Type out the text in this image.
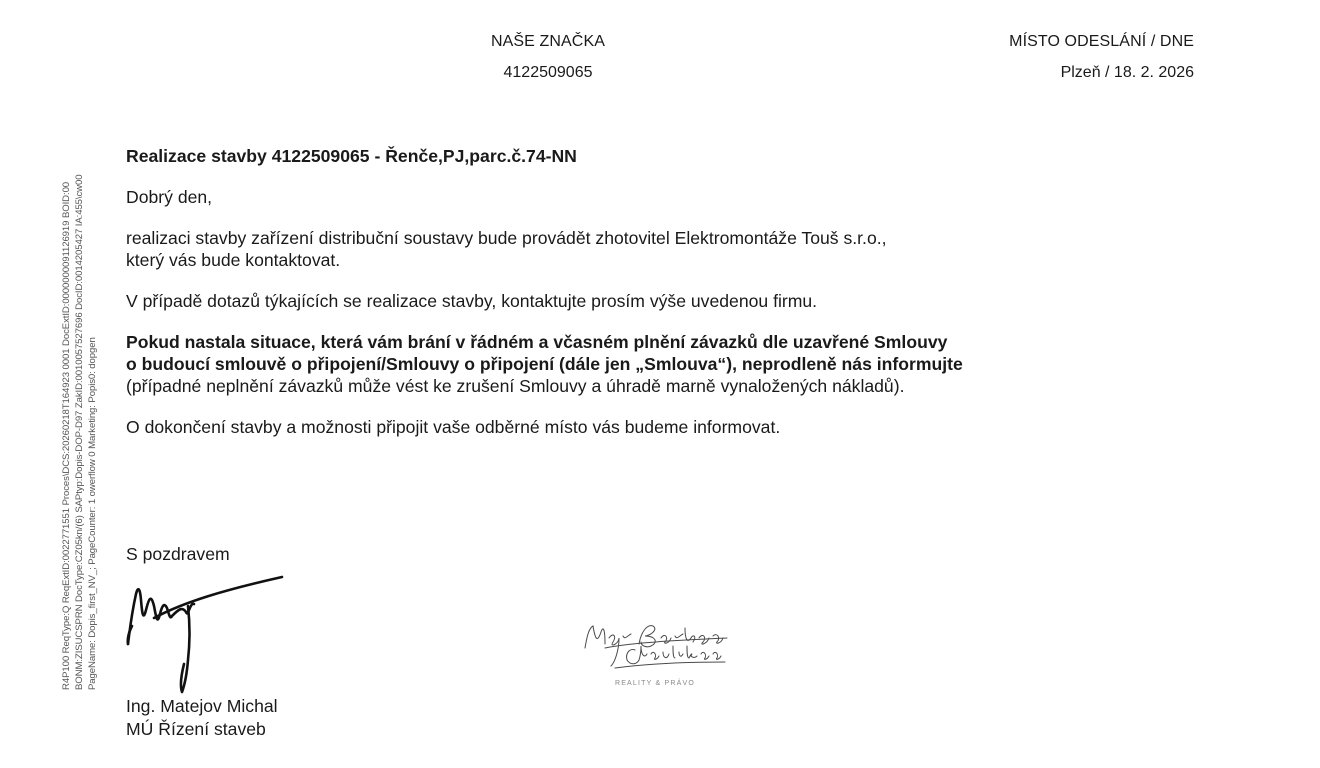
R4P100 ReqType:Q ReqExtID:0022771551 Proces\DCS:20260218T164923 0001 DocExtID:0000000091126919 BOID:00 BONM:ZISUCSPRN DocType:CZ05kn/(6) SAPtyp:Dopis-DOP-D97 ZakID:0010057527696 DocID:0014205427 IA:455\cw00 PageName: Dopis_first_NV_; PageCounter: 1 owerflow 0 Marketing: Popis0: dopgen
NAŠE ZNAČKA
4122509065
MÍSTO ODESLÁNÍ / DNE
Plzeň / 18. 2. 2026
Realizace stavby 4122509065 - Řenče,PJ,parc.č.74-NN
Dobrý den,
realizaci stavby zařízení distribuční soustavy bude provádět zhotovitel Elektromontáže Touš s.r.o.,
který vás bude kontaktovat.
V případě dotazů týkajících se realizace stavby, kontaktujte prosím výše uvedenou firmu.
Pokud nastala situace, která vám brání v řádném a včasném plnění závazků dle uzavřené Smlouvy
o budoucí smlouvě o připojení/Smlouvy o připojení (dále jen „Smlouva“), neprodleně nás informujte
(případné neplnění závazků může vést ke zrušení Smlouvy a úhradě marně vynaložených nákladů).
O dokončení stavby a možnosti připojit vaše odběrné místo vás budeme informovat.
S pozdravem
Ing. Matejov Michal
MÚ Řízení staveb
REALITY & PRÁVO
